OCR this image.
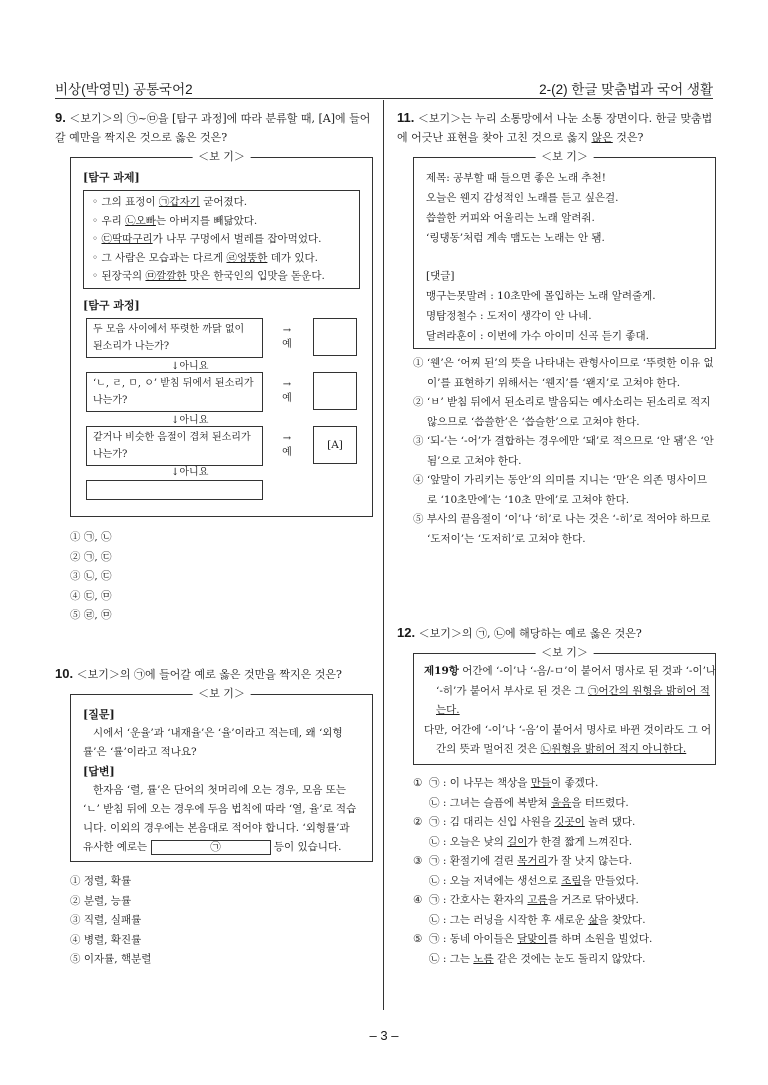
비상(박영민) 공통국어2	2-(2) 한글 맞춤법과 국어 생활

9. ＜보기＞의 ㉠~㉤을 [탐구 과정]에 따라 분류할 때, [A]에 들어갈 예만을 짝지은 것으로 옳은 것은?

＜보 기＞
[탐구 과제]
◦ 그의 표정이 ㉠갑자기 굳어졌다.
◦ 우리 ㉡오빠는 아버지를 빼닮았다.
◦ ㉢딱따구리가 나무 구멍에서 벌레를 잡아먹었다.
◦ 그 사람은 모습과는 다르게 ㉣엉뚱한 데가 있다.
◦ 된장국의 ㉤깔깔한 맛은 한국인의 입맛을 돋운다.
[탐구 과정]
두 모음 사이에서 뚜렷한 까닭 없이 된소리가 나는가?
→
예
↓아니요
‘ㄴ, ㄹ, ㅁ, ㅇ’ 받침 뒤에서 된소리가 나는가?
→
예
↓아니요
같거나 비슷한 음절이 겹쳐 된소리가 나는가?
→
예
[A]
↓아니요
① ㉠, ㉡
② ㉠, ㉢
③ ㉡, ㉢
④ ㉢, ㉤
⑤ ㉣, ㉤

10. ＜보기＞의 ㉠에 들어갈 예로 옳은 것만을 짝지은 것은?

＜보 기＞
[질문]
시에서 ‘운율’과 ‘내재율’은 ‘율’이라고 적는데, 왜 ‘외형률’은 ‘률’이라고 적나요?
[답변]
한자음 ‘렬, 률’은 단어의 첫머리에 오는 경우, 모음 또는 ‘ㄴ’ 받침 뒤에 오는 경우에 두음 법칙에 따라 ‘열, 율’로 적습니다. 이외의 경우에는 본음대로 적어야 합니다. ‘외형률’과 유사한 예로는	㉠	등이 있습니다.
① 정렬, 확률
② 분렬, 능률
③ 직렬, 실패률
④ 병렬, 확진률
⑤ 이자률, 핵분렬

11. ＜보기＞는 누리 소통망에서 나눈 소통 장면이다. 한글 맞춤법에 어긋난 표현을 찾아 고친 것으로 옳지 않은 것은?

＜보 기＞
제목: 공부할 때 들으면 좋은 노래 추천!
오늘은 웬지 감성적인 노래를 듣고 싶은걸.
씁쓸한 커피와 어울리는 노래 알려줘.
‘링댕동’처럼 계속 맴도는 노래는 안 됌.
[댓글]
맹구는못말려 : 10초만에 몰입하는 노래 알려줄게.
명탐정철수 : 도저이 생각이 안 나네.
달려라훈이 : 이번에 가수 아이미 신곡 듣기 좋대.
① ‘웬’은 ‘어찌 된’의 뜻을 나타내는 관형사이므로 ‘뚜렷한 이유 없이’를 표현하기 위해서는 ‘웬지’를 ‘왠지’로 고쳐야 한다.
② ‘ㅂ’ 받침 뒤에서 된소리로 발음되는 예사소리는 된소리로 적지 않으므로 ‘씁쓸한’은 ‘씁슬한’으로 고쳐야 한다.
③ ‘되-’는 ‘-어’가 결합하는 경우에만 ‘돼’로 적으므로 ‘안 됌’은 ‘안 됨’으로 고쳐야 한다.
④ ‘앞말이 가리키는 동안’의 의미를 지니는 ‘만’은 의존 명사이므로 ‘10초만에’는 ‘10초 만에’로 고쳐야 한다.
⑤ 부사의 끝음절이 ‘이’나 ‘히’로 나는 것은 ‘-히’로 적어야 하므로 ‘도저이’는 ‘도저히’로 고쳐야 한다.

12. ＜보기＞의 ㉠, ㉡에 해당하는 예로 옳은 것은?

＜보 기＞
제19항 어간에 ‘-이’나 ‘-음/-ㅁ’이 붙어서 명사로 된 것과 ‘-이’나 ‘-히’가 붙어서 부사로 된 것은 그 ㉠어간의 원형을 밝히어 적는다.
다만, 어간에 ‘-이’나 ‘-음’이 붙어서 명사로 바뀐 것이라도 그 어간의 뜻과 멀어진 것은 ㉡원형을 밝히어 적지 아니한다.
① ㉠ : 이 나무는 책상을 만들이 좋겠다.
㉡ : 그녀는 슬픔에 복받쳐 울음을 터뜨렸다.
② ㉠ : 김 대리는 신입 사원을 깃곳이 놀려 댔다.
㉡ : 오늘은 낮의 길이가 한결 짧게 느껴진다.
③ ㉠ : 환절기에 걸린 목거리가 잘 낫지 않는다.
㉡ : 오늘 저녁에는 생선으로 조림을 만들었다.
④ ㉠ : 간호사는 환자의 고름을 거즈로 닦아냈다.
㉡ : 그는 러닝을 시작한 후 새로운 삶을 찾았다.
⑤ ㉠ : 동네 아이들은 달맞이를 하며 소원을 빌었다.
㉡ : 그는 노름 같은 것에는 눈도 돌리지 않았다.
– 3 –
